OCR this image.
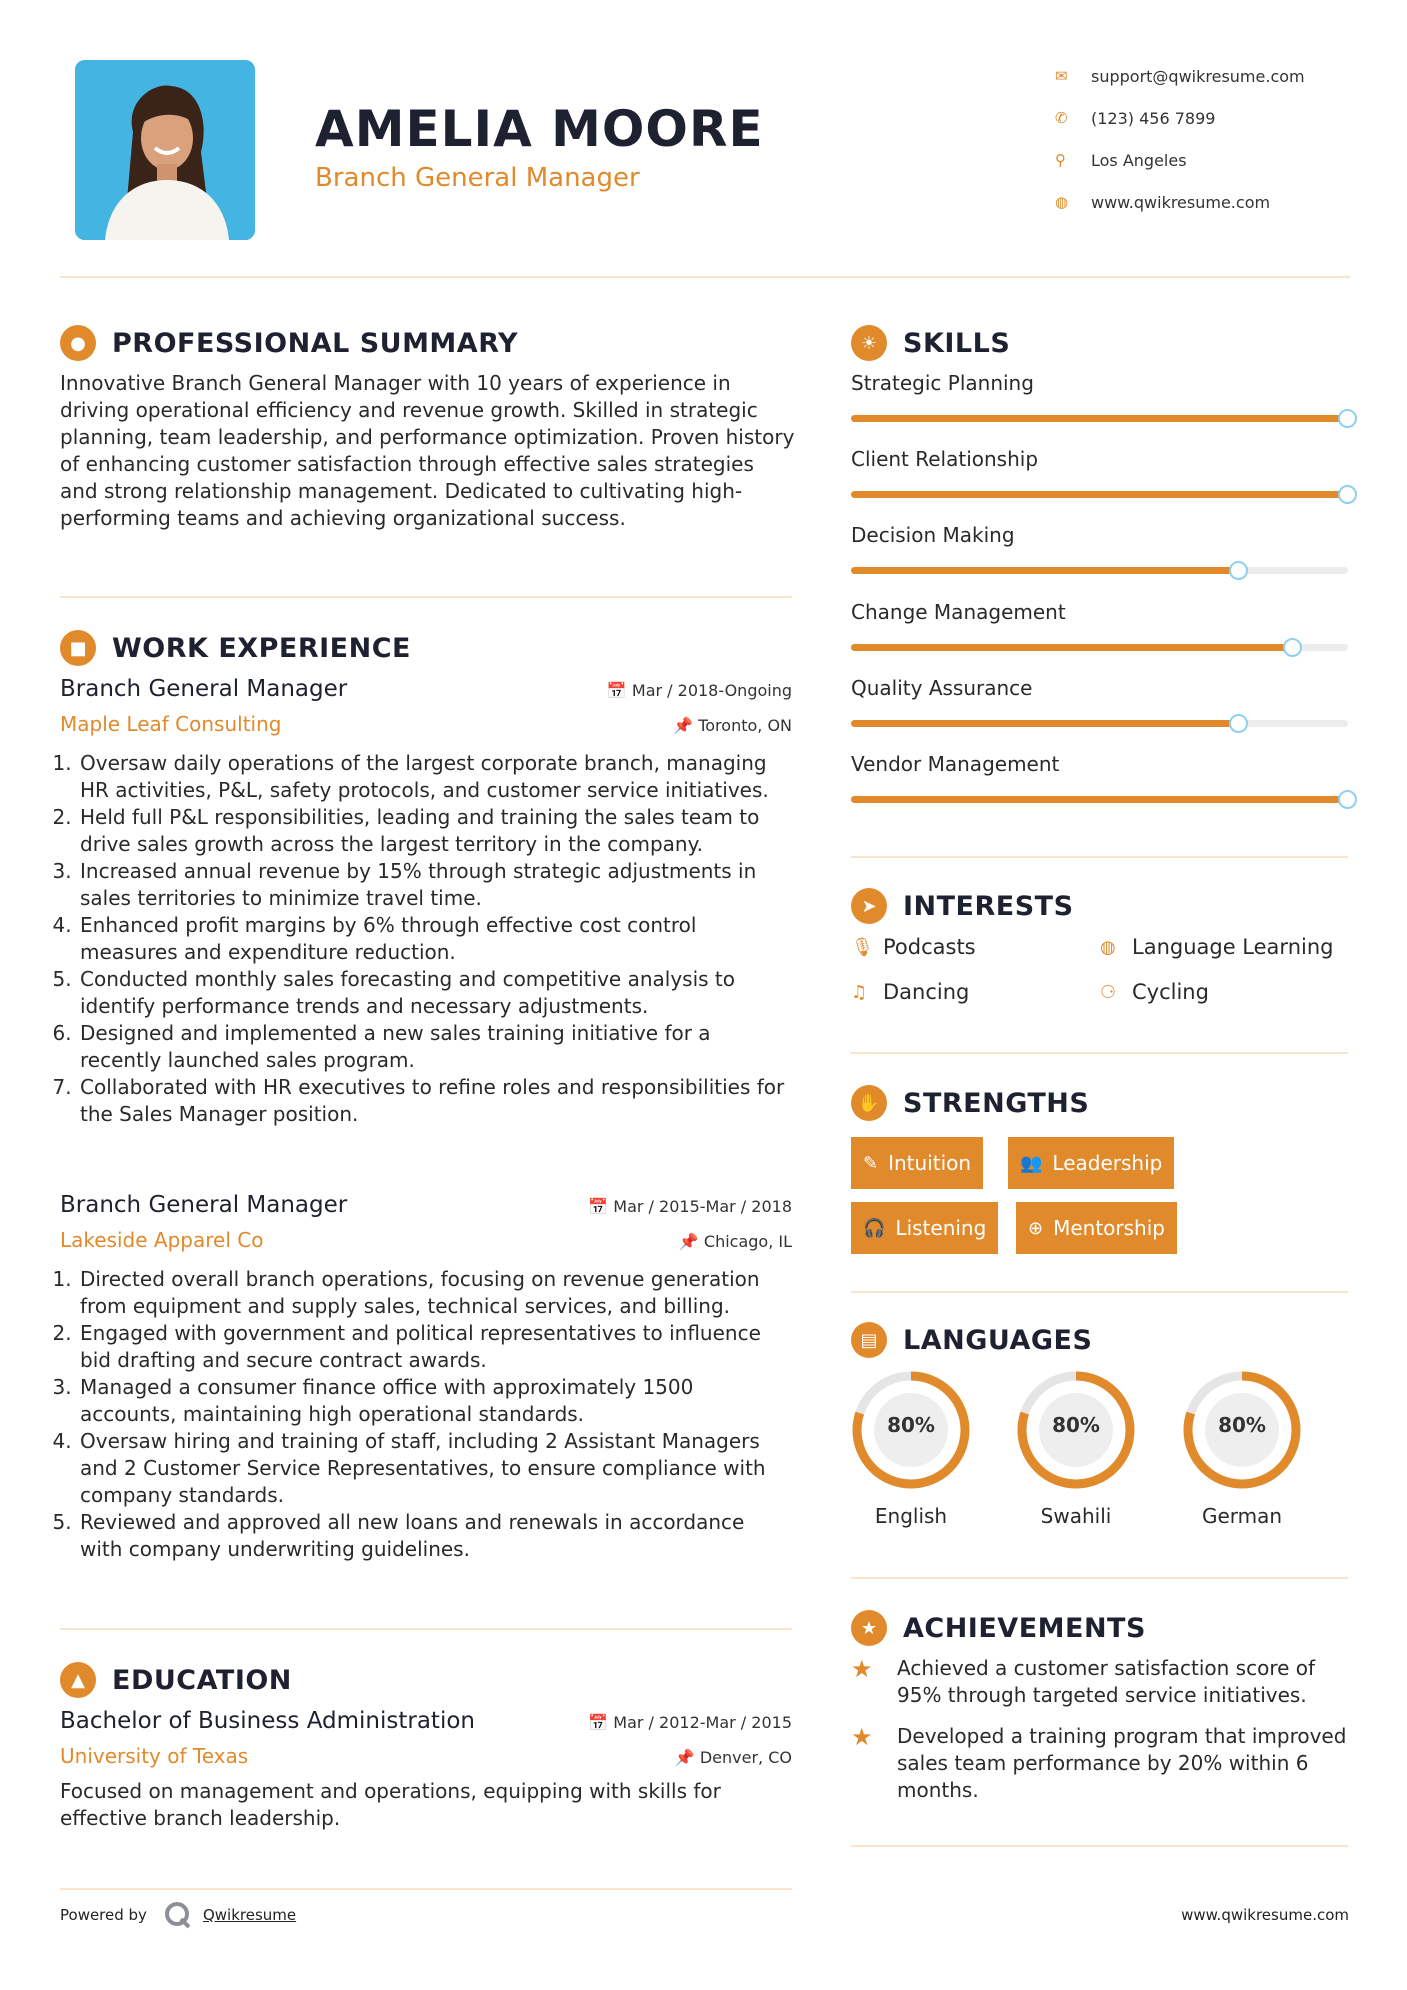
AMELIA MOORE
Branch General Manager
✉	support@qwikresume.com
✆	(123) 456 7899
⚲	Los Angeles
◍	www.qwikresume.com
● PROFESSIONAL SUMMARY
Innovative Branch General Manager with 10 years of experience in driving operational efficiency and revenue growth. Skilled in strategic planning, team leadership, and performance optimization. Proven history of enhancing customer satisfaction through effective sales strategies and strong relationship management. Dedicated to cultivating high-performing teams and achieving organizational success.
■ WORK EXPERIENCE
Branch General Manager	📅 Mar / 2018-Ongoing
Maple Leaf Consulting	📌 Toronto, ON
1. Oversaw daily operations of the largest corporate branch, managing HR activities, P&L, safety protocols, and customer service initiatives.
2. Held full P&L responsibilities, leading and training the sales team to drive sales growth across the largest territory in the company.
3. Increased annual revenue by 15% through strategic adjustments in sales territories to minimize travel time.
4. Enhanced profit margins by 6% through effective cost control measures and expenditure reduction.
5. Conducted monthly sales forecasting and competitive analysis to identify performance trends and necessary adjustments.
6. Designed and implemented a new sales training initiative for a recently launched sales program.
7. Collaborated with HR executives to refine roles and responsibilities for the Sales Manager position.
Branch General Manager	📅 Mar / 2015-Mar / 2018
Lakeside Apparel Co	📌 Chicago, IL
1. Directed overall branch operations, focusing on revenue generation from equipment and supply sales, technical services, and billing.
2. Engaged with government and political representatives to influence bid drafting and secure contract awards.
3. Managed a consumer finance office with approximately 1500 accounts, maintaining high operational standards.
4. Oversaw hiring and training of staff, including 2 Assistant Managers and 2 Customer Service Representatives, to ensure compliance with company standards.
5. Reviewed and approved all new loans and renewals in accordance with company underwriting guidelines.
▲	EDUCATION
Bachelor of Business Administration	📅 Mar / 2012-Mar / 2015
University of Texas	📌 Denver, CO
Focused on management and operations, equipping with skills for effective branch leadership.
☀ SKILLS
Strategic Planning
Client Relationship
Decision Making
Change Management
Quality Assurance
Vendor Management
➤ INTERESTS
🎙 Podcasts	◍ Language Learning
♫ Dancing	⚆ Cycling
✋ STRENGTHS
✎ Intuition	👥 Leadership
🎧 Listening ⊕ Mentorship
▤ LANGUAGES
80%
English
80%
Swahili
80%
German
★ ACHIEVEMENTS
★	Achieved a customer satisfaction score of 95% through targeted service initiatives.
★	Developed a training program that improved sales team performance by 20% within 6 months.
Powered by	Qwikresume	www.qwikresume.com
